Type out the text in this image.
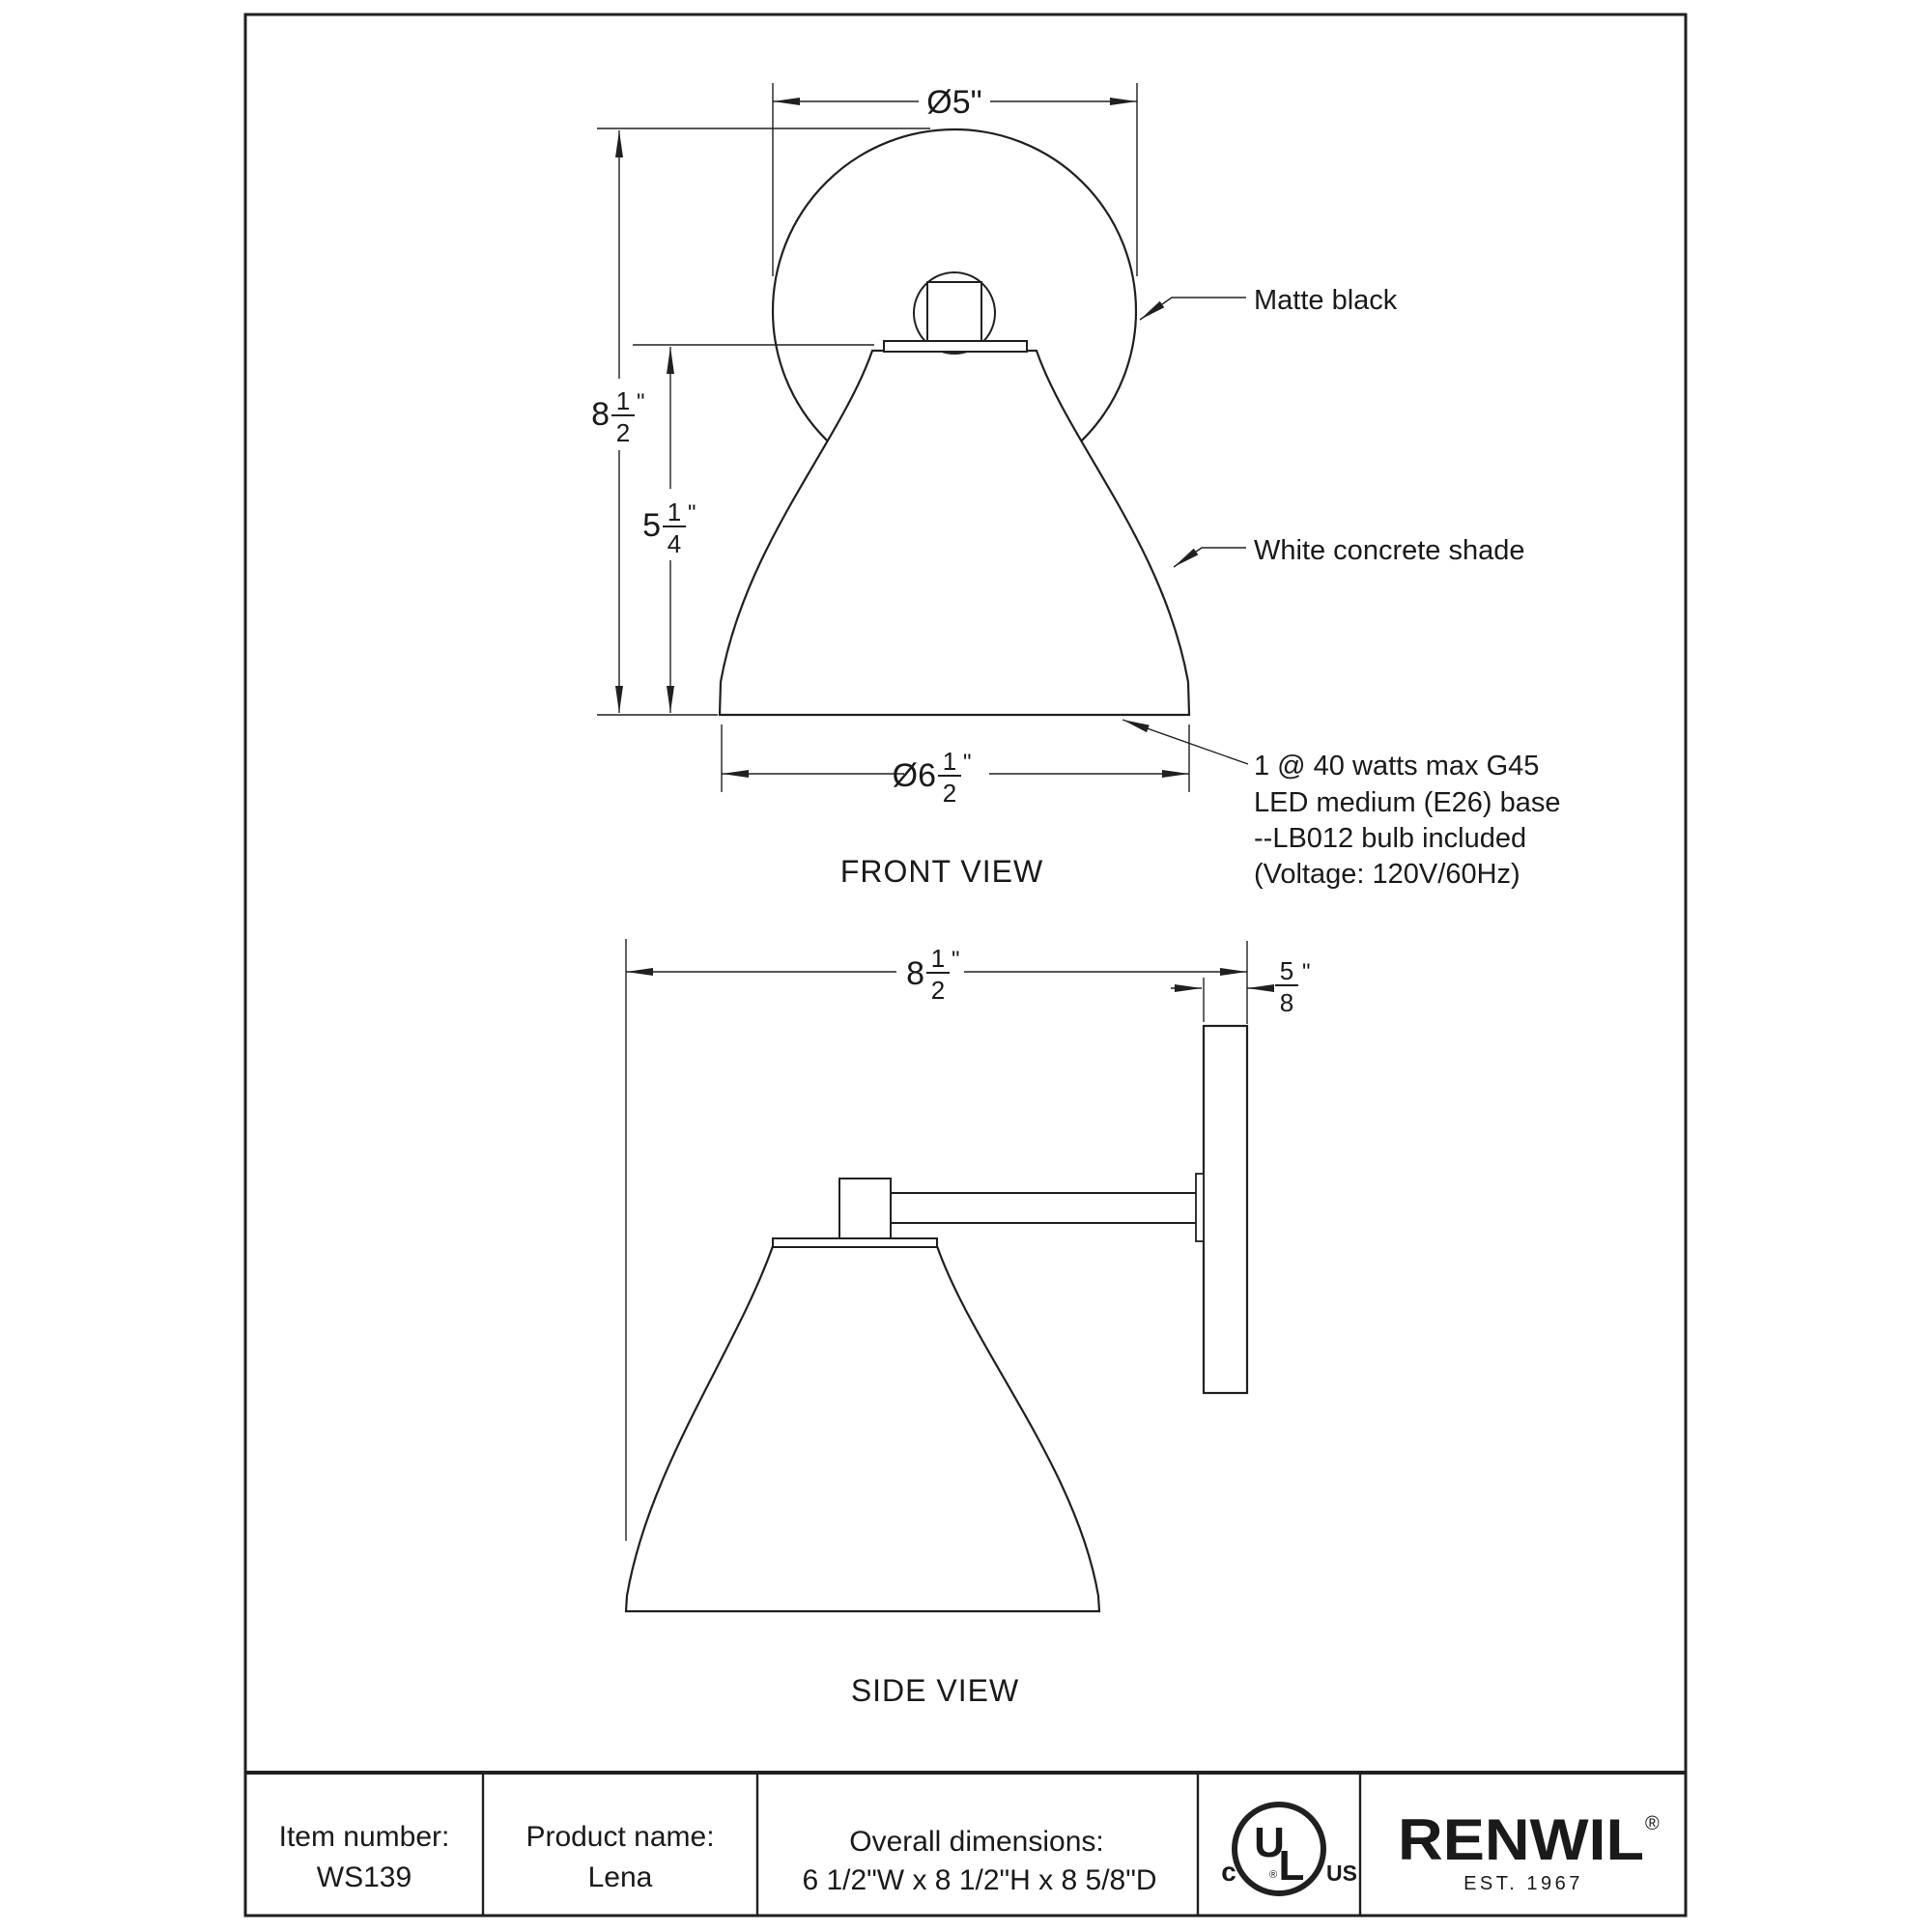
Ø5"
8 1
2
"
5 1
4
"
Ø6 1
2
"
FRONT VIEW
Matte black
White concrete shade
1 @ 40 watts max G45
LED medium (E26) base
--LB012 bulb included
(Voltage: 120V/60Hz)
8 1
2
"	5
8
"
SIDE VIEW
Item number:
WS139
Product name:
Lena
Overall dimensions:
6 1/2"W x 8 1/2"H x 8 5/8"D
U
L
®
c	US
RENWIL ®
EST. 1967
